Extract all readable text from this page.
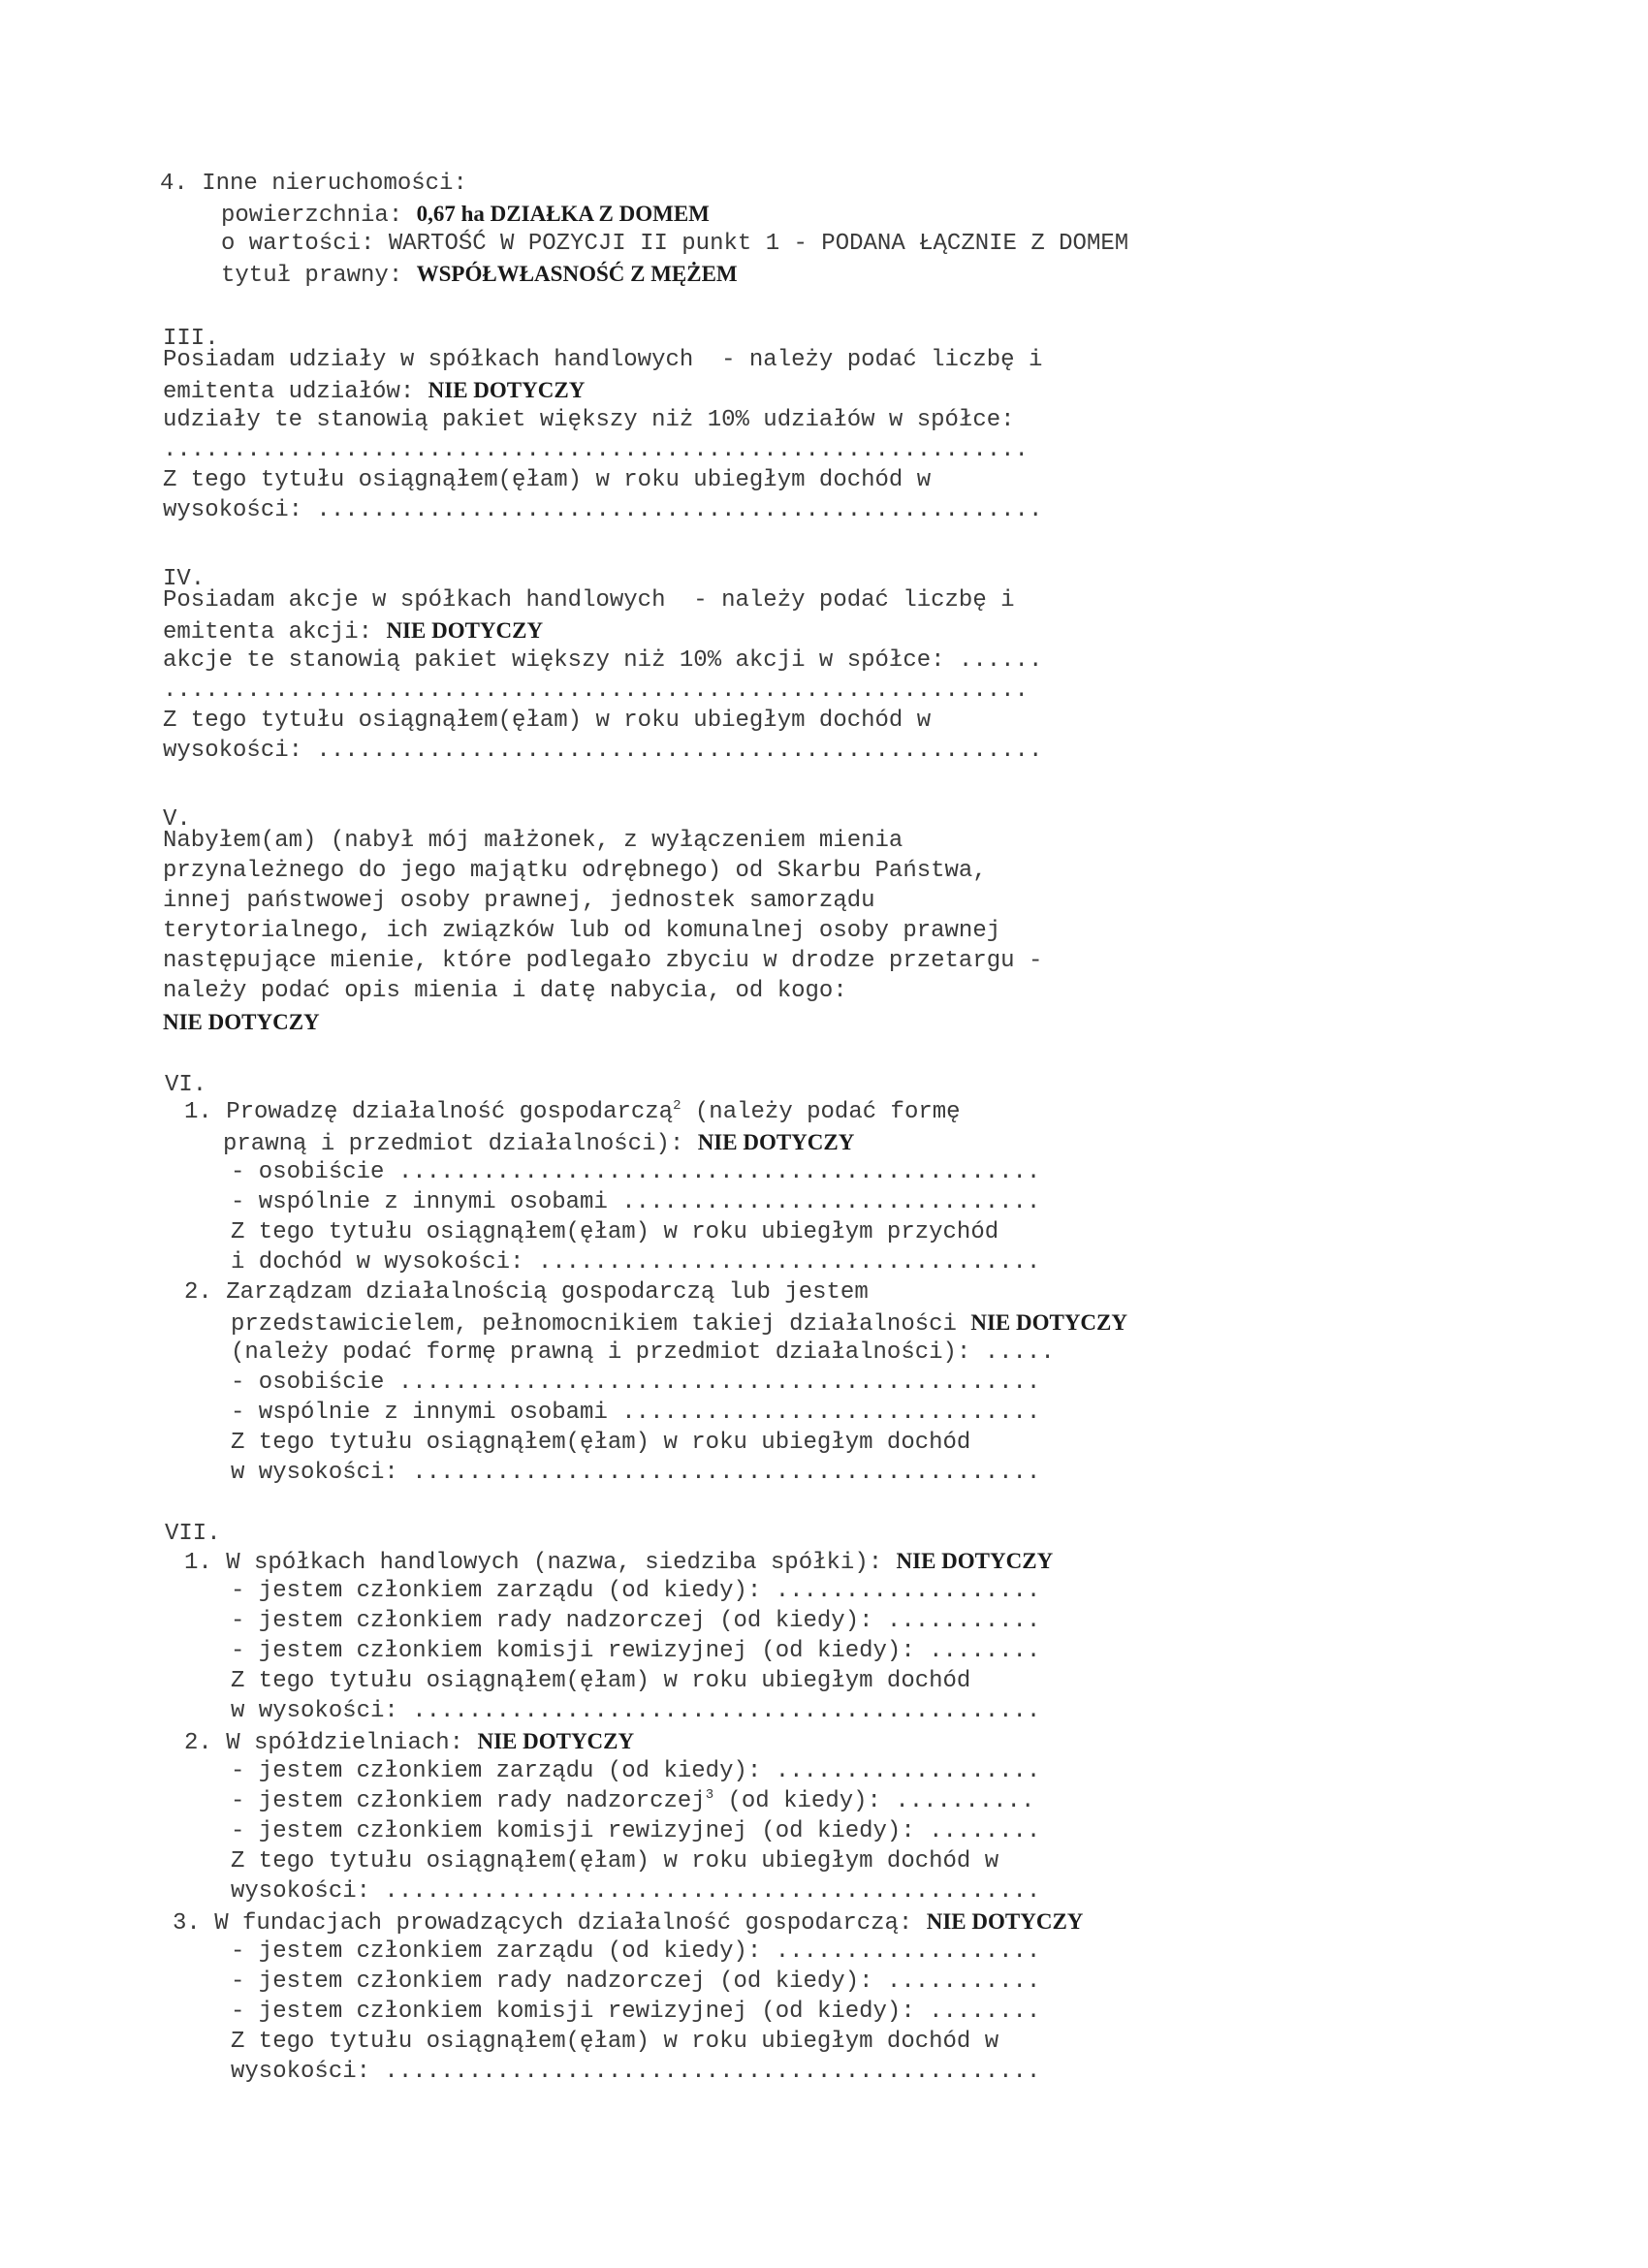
4. Inne nieruchomości:
powierzchnia: 0,67 ha DZIAŁKA Z DOMEM
o wartości: WARTOŚĆ W POZYCJI II punkt 1 - PODANA ŁĄCZNIE Z DOMEM
tytuł prawny: WSPÓŁWŁASNOŚĆ Z MĘŻEM
III.
Posiadam udziały w spółkach handlowych  - należy podać liczbę i
emitenta udziałów: NIE DOTYCZY
udziały te stanowią pakiet większy niż 10% udziałów w spółce:
..............................................................
Z tego tytułu osiągnąłem(ęłam) w roku ubiegłym dochód w
wysokości: ....................................................
IV.
Posiadam akcje w spółkach handlowych  - należy podać liczbę i
emitenta akcji: NIE DOTYCZY
akcje te stanowią pakiet większy niż 10% akcji w spółce: ......
..............................................................
Z tego tytułu osiągnąłem(ęłam) w roku ubiegłym dochód w
wysokości: ....................................................
V.
Nabyłem(am) (nabył mój małżonek, z wyłączeniem mienia
przynależnego do jego majątku odrębnego) od Skarbu Państwa,
innej państwowej osoby prawnej, jednostek samorządu
terytorialnego, ich związków lub od komunalnej osoby prawnej
następujące mienie, które podlegało zbyciu w drodze przetargu -
należy podać opis mienia i datę nabycia, od kogo:
NIE DOTYCZY
VI.
1. Prowadzę działalność gospodarczą$^2$ (należy podać formę
prawną i przedmiot działalności): NIE DOTYCZY
- osobiście ..............................................
- wspólnie z innymi osobami ..............................
Z tego tytułu osiągnąłem(ęłam) w roku ubiegłym przychód
i dochód w wysokości: ....................................
2. Zarządzam działalnością gospodarczą lub jestem
przedstawicielem, pełnomocnikiem takiej działalności NIE DOTYCZY
(należy podać formę prawną i przedmiot działalności): .....
- osobiście ..............................................
- wspólnie z innymi osobami ..............................
Z tego tytułu osiągnąłem(ęłam) w roku ubiegłym dochód
w wysokości: .............................................
VII.
1. W spółkach handlowych (nazwa, siedziba spółki): NIE DOTYCZY
- jestem członkiem zarządu (od kiedy): ...................
- jestem członkiem rady nadzorczej (od kiedy): ...........
- jestem członkiem komisji rewizyjnej (od kiedy): ........
Z tego tytułu osiągnąłem(ęłam) w roku ubiegłym dochód
w wysokości: .............................................
2. W spółdzielniach: NIE DOTYCZY
- jestem członkiem zarządu (od kiedy): ...................
- jestem członkiem rady nadzorczej$^3$ (od kiedy): ..........
- jestem członkiem komisji rewizyjnej (od kiedy): ........
Z tego tytułu osiągnąłem(ęłam) w roku ubiegłym dochód w
wysokości: ...............................................
3. W fundacjach prowadzących działalność gospodarczą: NIE DOTYCZY
- jestem członkiem zarządu (od kiedy): ...................
- jestem członkiem rady nadzorczej (od kiedy): ...........
- jestem członkiem komisji rewizyjnej (od kiedy): ........
Z tego tytułu osiągnąłem(ęłam) w roku ubiegłym dochód w
wysokości: ...............................................
